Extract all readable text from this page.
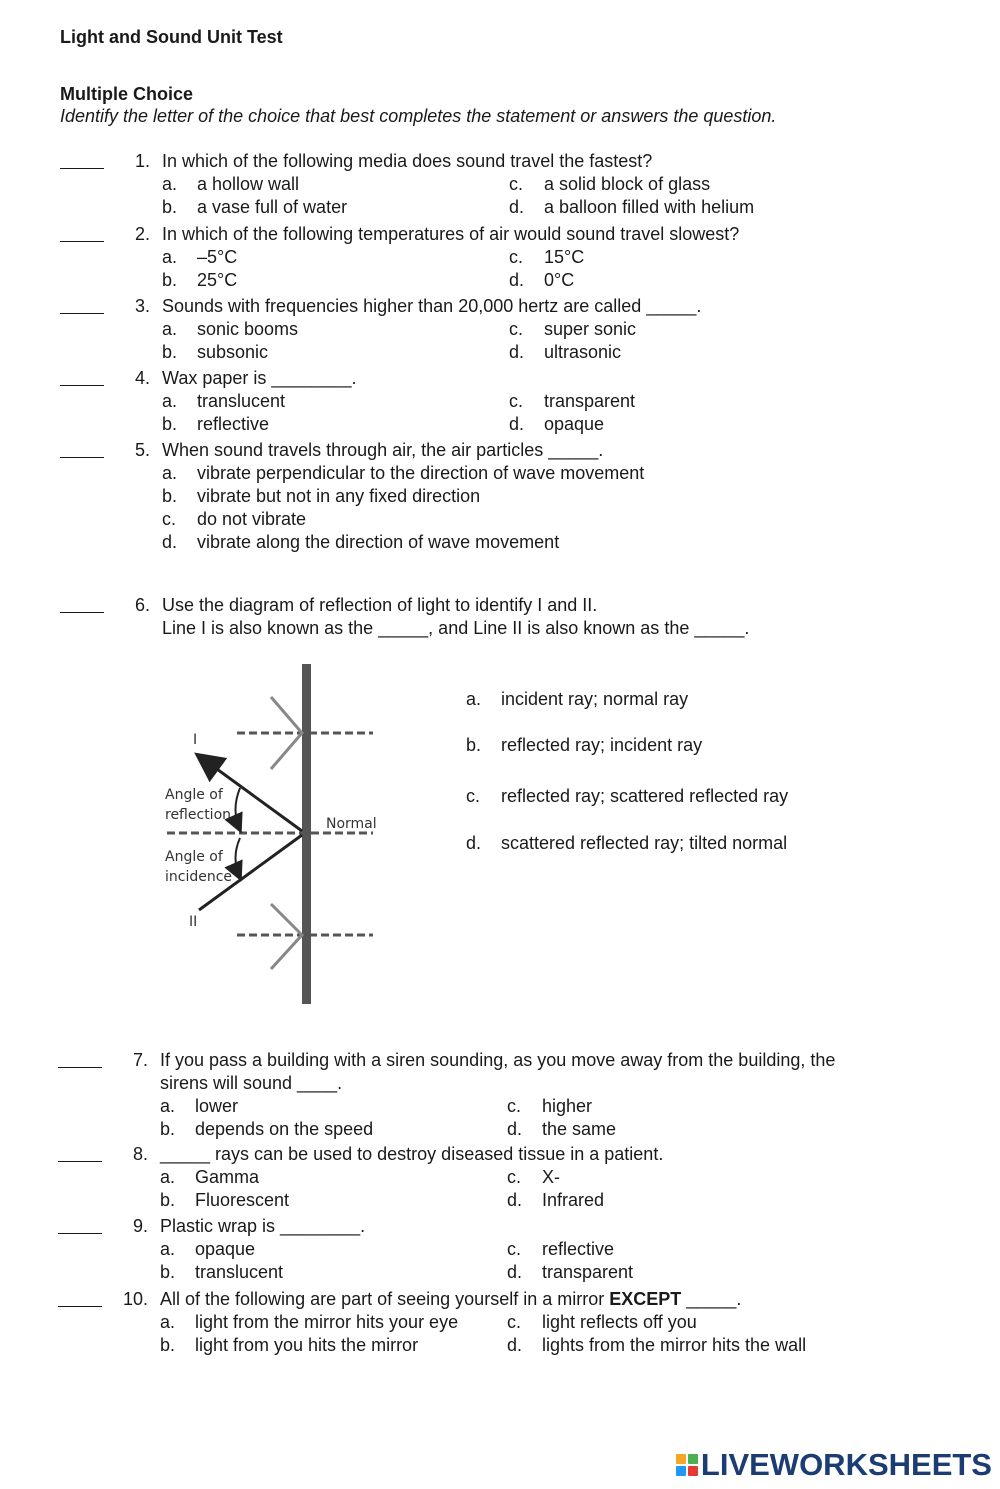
Light and Sound Unit Test
Multiple Choice
Identify the letter of the choice that best completes the statement or answers the question.
1. In which of the following media does sound travel the fastest?
a. a hollow wall	c. a solid block of glass
b. a vase full of water	d. a balloon filled with helium
2. In which of the following temperatures of air would sound travel slowest?
a. –5°C	c. 15°C
b. 25°C	d. 0°C
3. Sounds with frequencies higher than 20,000 hertz are called _____.
a. sonic booms	c. super sonic
b. subsonic	d. ultrasonic
4. Wax paper is ________.
a. translucent	c. transparent
b. reflective	d. opaque
5. When sound travels through air, the air particles _____.
a. vibrate perpendicular to the direction of wave movement
b. vibrate but not in any fixed direction
c. do not vibrate
d. vibrate along the direction of wave movement
6. Use the diagram of reflection of light to identify I and II.
Line I is also known as the _____, and Line II is also known as the _____.
I
II
Angle of
reflection
Angle of
incidence
Normal
a. incident ray; normal ray
b. reflected ray; incident ray
c. reflected ray; scattered reflected ray
d. scattered reflected ray; tilted normal
7. If you pass a building with a siren sounding, as you move away from the building, the
sirens will sound ____.
a. lower	c. higher
b. depends on the speed	d. the same
8. _____ rays can be used to destroy diseased tissue in a patient.
a. Gamma	c. X-
b. Fluorescent	d. Infrared
9. Plastic wrap is ________.
a. opaque	c. reflective
b. translucent	d. transparent
10. All of the following are part of seeing yourself in a mirror EXCEPT _____.
a. light from the mirror hits your eye	c. light reflects off you
b. light from you hits the mirror	d. lights from the mirror hits the wall
LIVEWORKSHEETS
